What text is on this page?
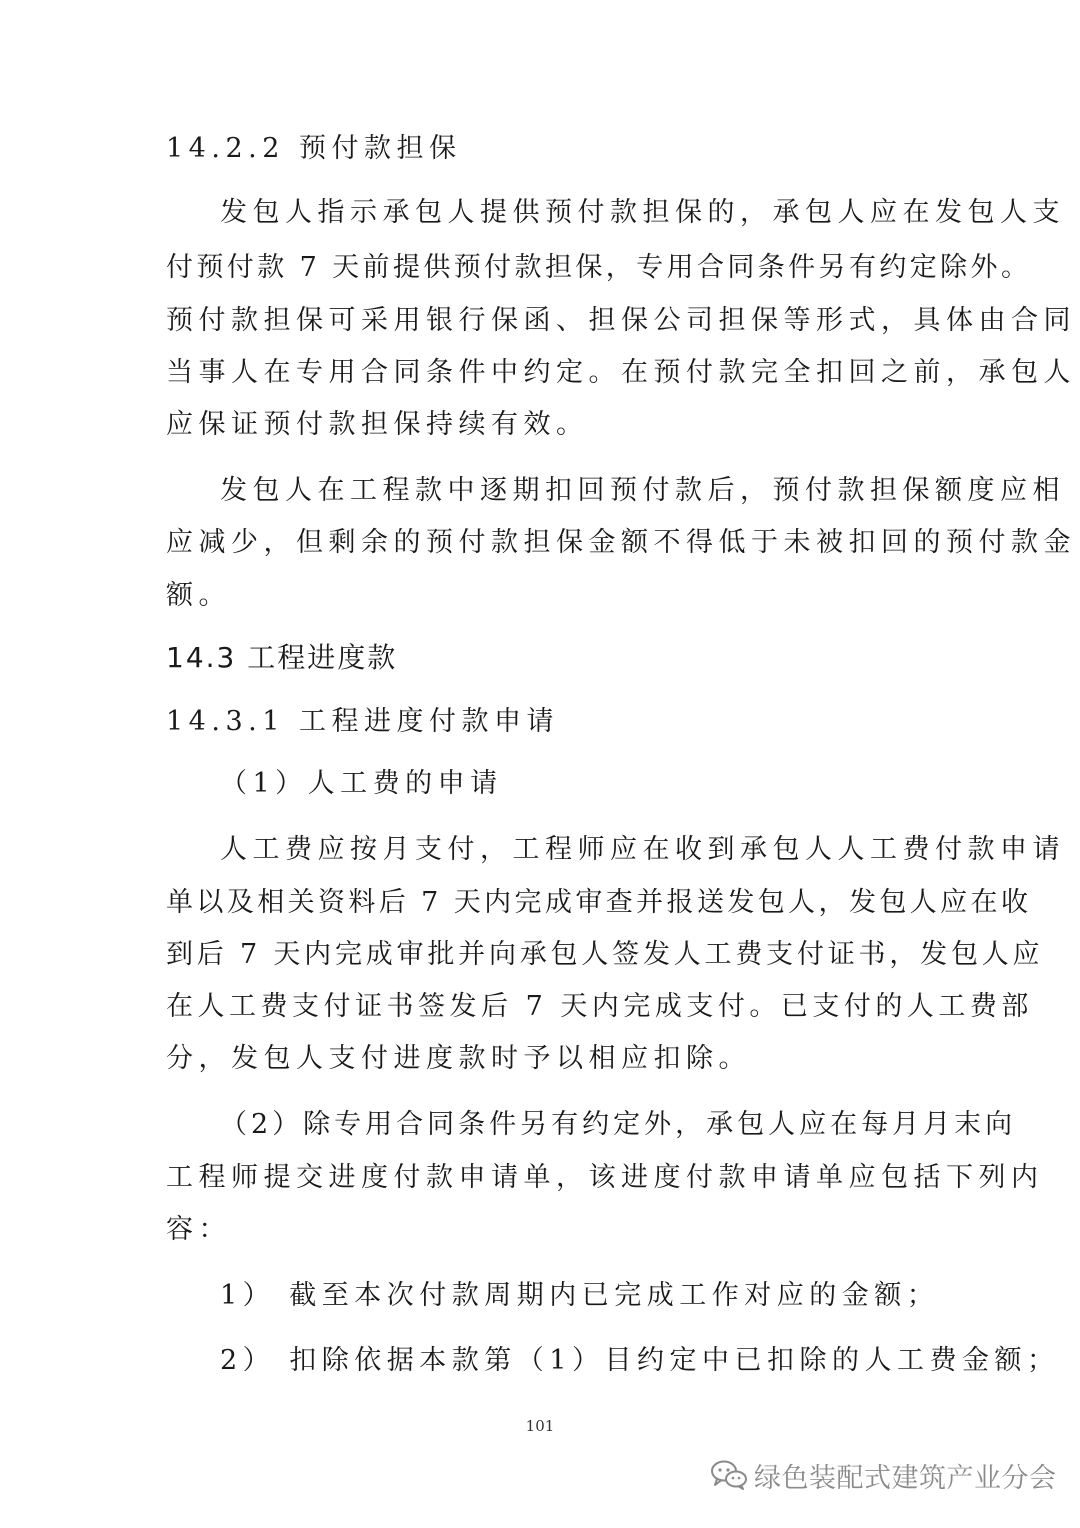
14.2.2 预付款担保
发包人指示承包人提供预付款担保的，承包人应在发包人支
付预付款 7 天前提供预付款担保，专用合同条件另有约定除外。
预付款担保可采用银行保函、担保公司担保等形式，具体由合同
当事人在专用合同条件中约定。在预付款完全扣回之前，承包人
应保证预付款担保持续有效。
发包人在工程款中逐期扣回预付款后，预付款担保额度应相
应减少，但剩余的预付款担保金额不得低于未被扣回的预付款金
额。
14.3 工程进度款
14.3.1 工程进度付款申请
（1）人工费的申请
人工费应按月支付，工程师应在收到承包人人工费付款申请
单以及相关资料后 7 天内完成审查并报送发包人，发包人应在收
到后 7 天内完成审批并向承包人签发人工费支付证书，发包人应
在人工费支付证书签发后 7 天内完成支付。已支付的人工费部
分，发包人支付进度款时予以相应扣除。
（2）除专用合同条件另有约定外，承包人应在每月月末向
工程师提交进度付款申请单，该进度付款申请单应包括下列内
容：
1） 截至本次付款周期内已完成工作对应的金额；
2） 扣除依据本款第（1）目约定中已扣除的人工费金额；
101
绿色装配式建筑产业分会
